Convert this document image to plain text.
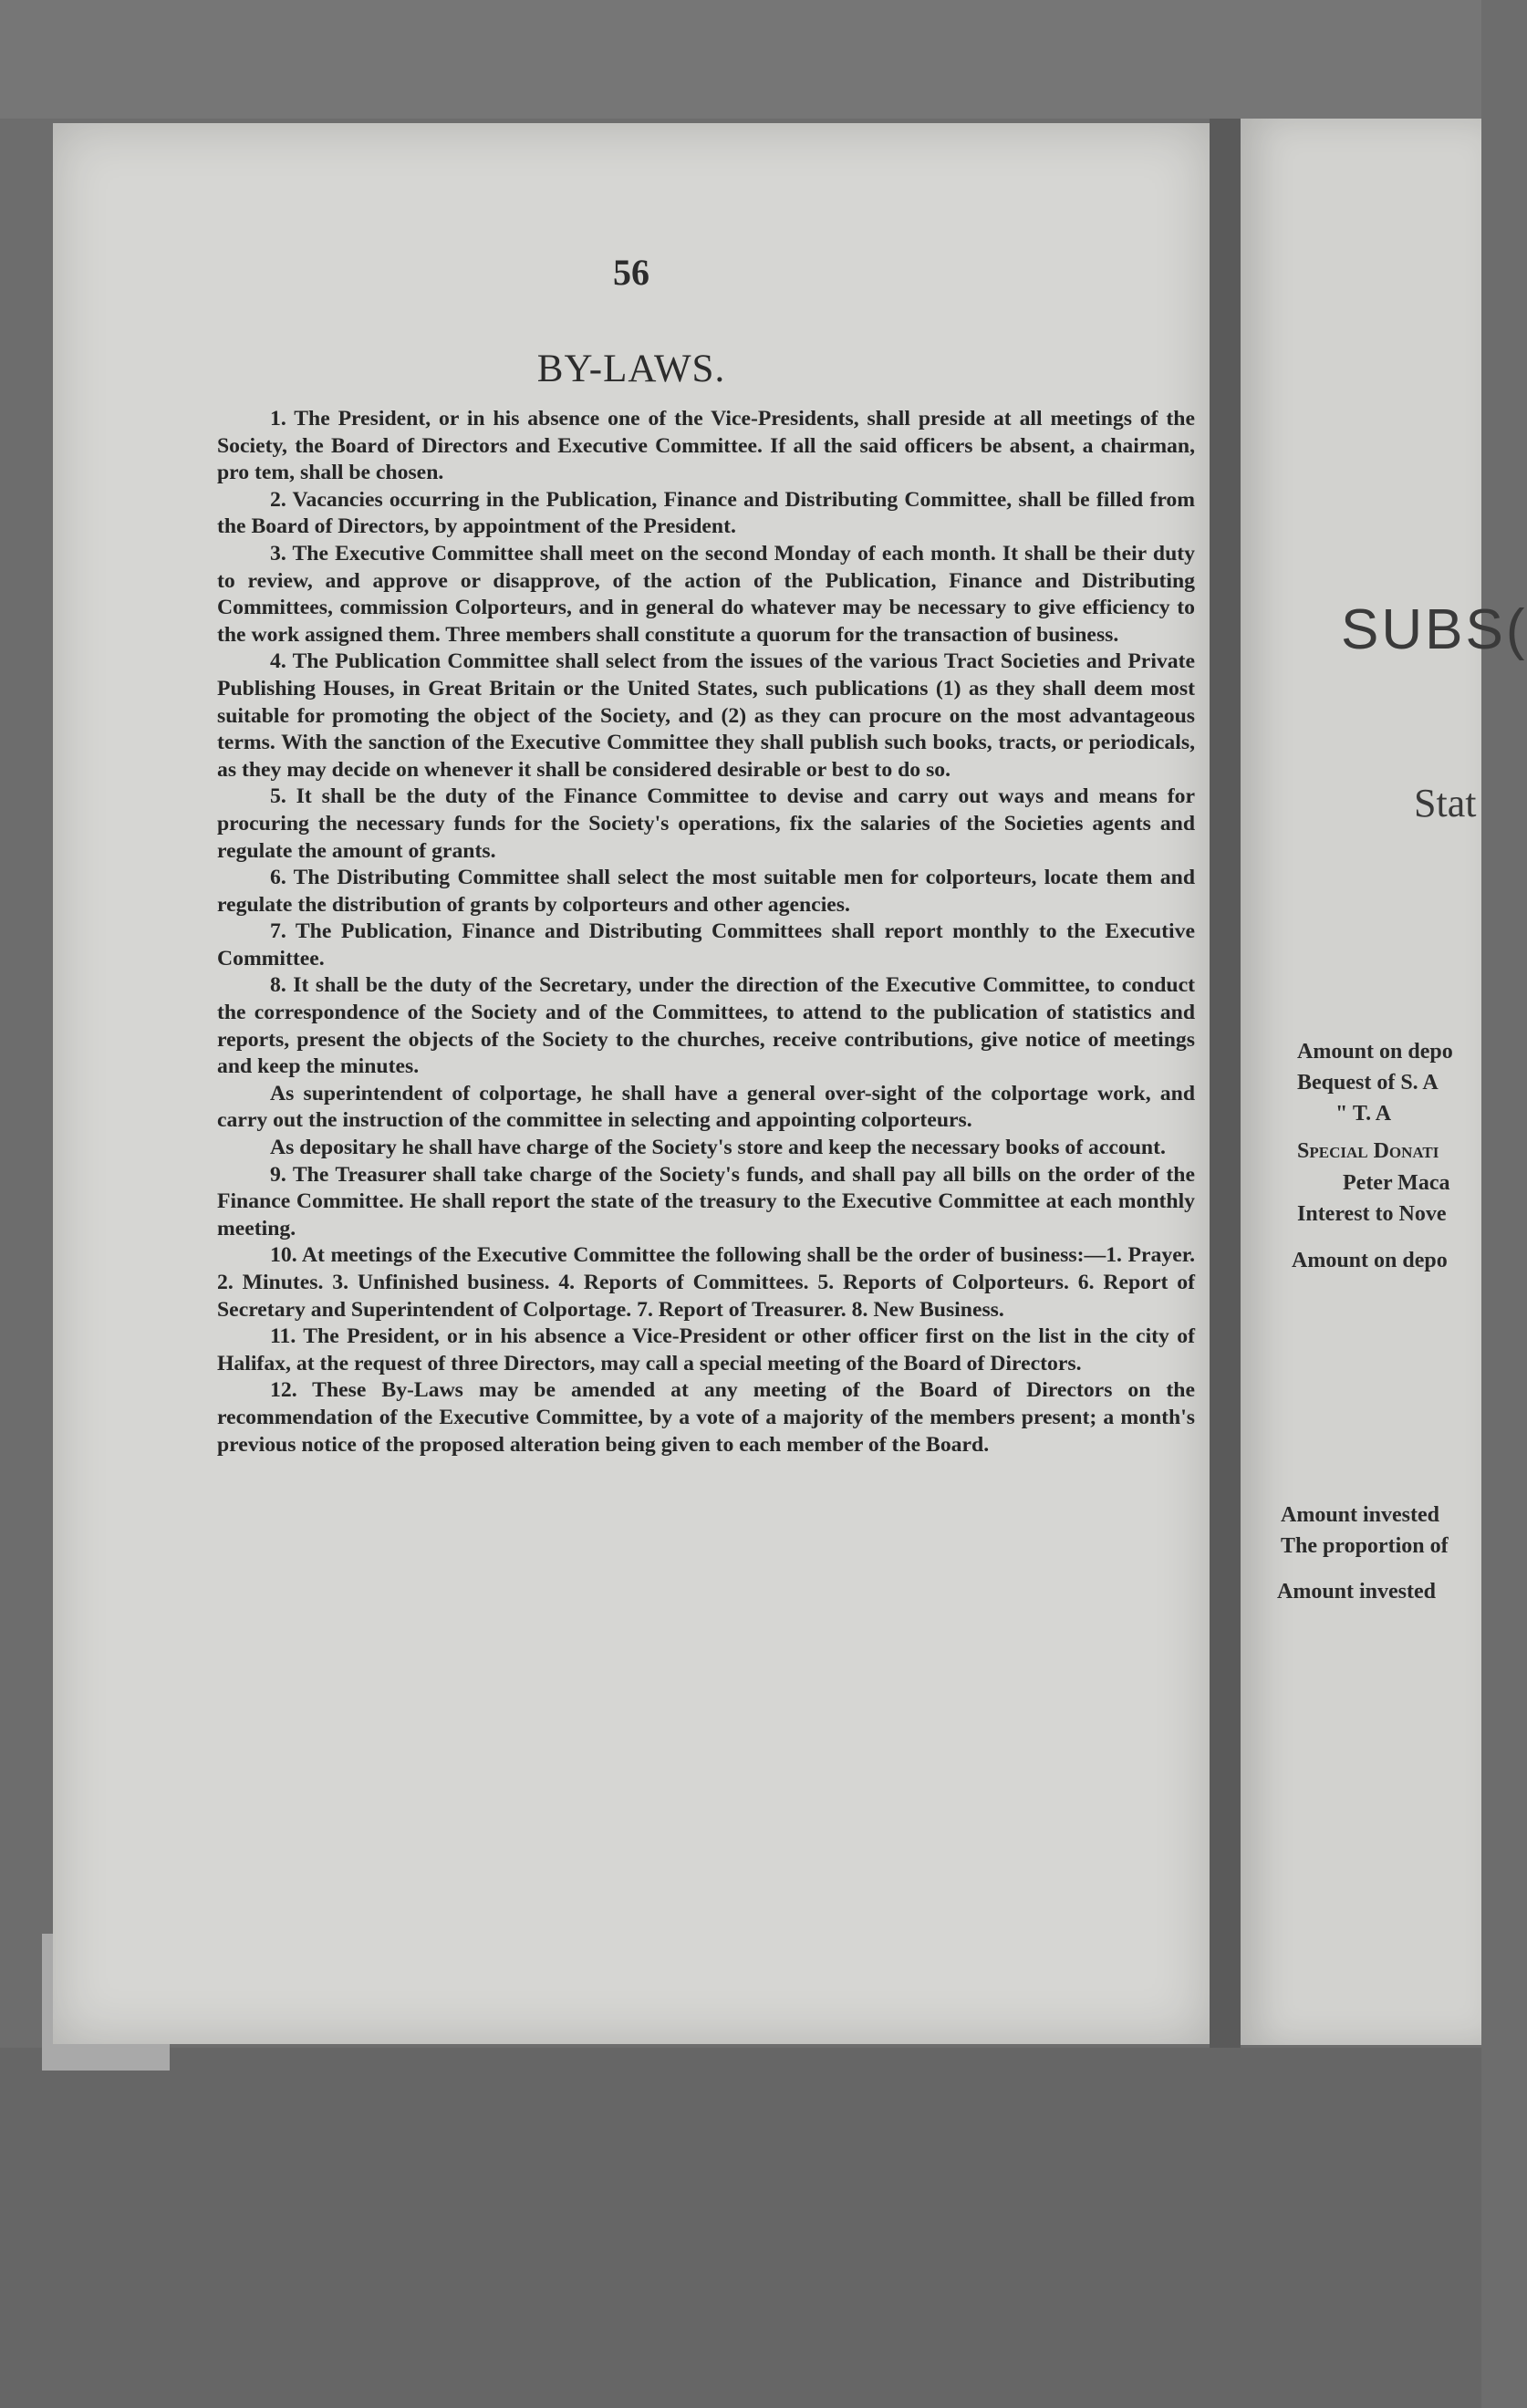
56
BY-LAWS.

1. The President, or in his absence one of the Vice-Presidents, shall preside at all meetings of the Society, the Board of Directors and Executive Committee. If all the said officers be absent, a chairman, pro tem, shall be chosen.

2. Vacancies occurring in the Publication, Finance and Distributing Committee, shall be filled from the Board of Directors, by appointment of the President.

3. The Executive Committee shall meet on the second Monday of each month. It shall be their duty to review, and approve or disapprove, of the action of the Publication, Finance and Distributing Committees, commission Colporteurs, and in general do whatever may be necessary to give efficiency to the work assigned them. Three members shall constitute a quorum for the transaction of business.

4. The Publication Committee shall select from the issues of the various Tract Societies and Private Publishing Houses, in Great Britain or the United States, such publications (1) as they shall deem most suitable for promoting the object of the Society, and (2) as they can procure on the most advantageous terms. With the sanction of the Executive Committee they shall publish such books, tracts, or periodicals, as they may decide on whenever it shall be considered desirable or best to do so.

5. It shall be the duty of the Finance Committee to devise and carry out ways and means for procuring the necessary funds for the Society's operations, fix the salaries of the Societies agents and regulate the amount of grants.

6. The Distributing Committee shall select the most suitable men for colporteurs, locate them and regulate the distribution of grants by colporteurs and other agencies.

7. The Publication, Finance and Distributing Committees shall report monthly to the Executive Committee.

8. It shall be the duty of the Secretary, under the direction of the Executive Committee, to conduct the correspondence of the Society and of the Committees, to attend to the publication of statistics and reports, present the objects of the Society to the churches, receive contributions, give notice of meetings and keep the minutes.

As superintendent of colportage, he shall have a general over-sight of the colportage work, and carry out the instruction of the committee in selecting and appointing colporteurs.

As depositary he shall have charge of the Society's store and keep the necessary books of account.

9. The Treasurer shall take charge of the Society's funds, and shall pay all bills on the order of the Finance Committee. He shall report the state of the treasury to the Executive Committee at each monthly meeting.

10. At meetings of the Executive Committee the following shall be the order of business:—1. Prayer. 2. Minutes. 3. Unfinished business. 4. Reports of Committees. 5. Reports of Colporteurs. 6. Report of Secretary and Superintendent of Colportage. 7. Report of Treasurer. 8. New Business.

11. The President, or in his absence a Vice-President or other officer first on the list in the city of Halifax, at the request of three Directors, may call a special meeting of the Board of Directors.

12. These By-Laws may be amended at any meeting of the Board of Directors on the recommendation of the Executive Committee, by a vote of a majority of the members present; a month's previous notice of the proposed alteration being given to each member of the Board.

SUBS(
Stat
Amount on depo
Bequest of S. A
" T. A
Special Donati
Peter Maca
Interest to Nove
Amount on depo
Amount invested
The proportion of
Amount invested
